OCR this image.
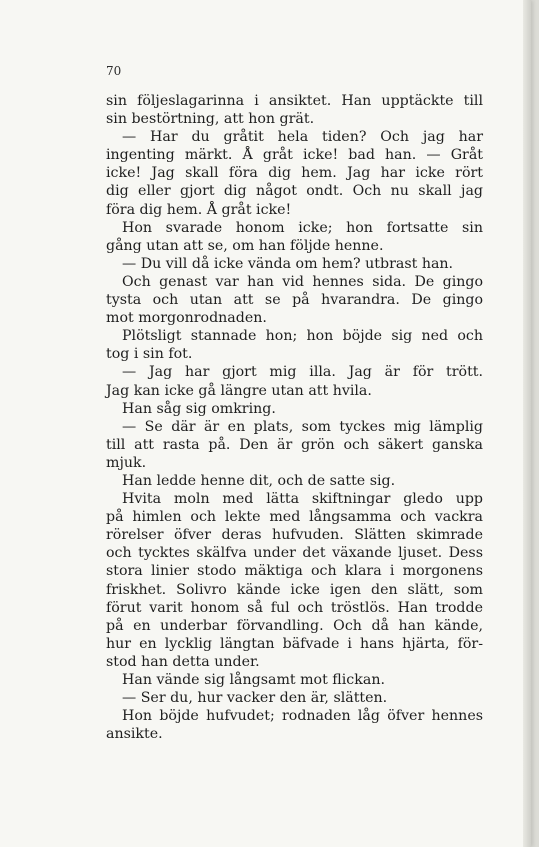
70
sin följeslagarinna i ansiktet. Han upptäckte till
sin bestörtning, att hon grät.
— Har du gråtit hela tiden? Och jag har
ingenting märkt. Å gråt icke! bad han. — Gråt
icke! Jag skall föra dig hem. Jag har icke rört
dig eller gjort dig något ondt. Och nu skall jag
föra dig hem. Å gråt icke!
Hon svarade honom icke; hon fortsatte sin
gång utan att se, om han följde henne.
— Du vill då icke vända om hem? utbrast han.
Och genast var han vid hennes sida. De gingo
tysta och utan att se på hvarandra. De gingo
mot morgonrodnaden.
Plötsligt stannade hon; hon böjde sig ned och
tog i sin fot.
— Jag har gjort mig illa. Jag är för trött.
Jag kan icke gå längre utan att hvila.
Han såg sig omkring.
— Se där är en plats, som tyckes mig lämplig
till att rasta på. Den är grön och säkert ganska
mjuk.
Han ledde henne dit, och de satte sig.
Hvita moln med lätta skiftningar gledo upp
på himlen och lekte med långsamma och vackra
rörelser öfver deras hufvuden. Slätten skimrade
och tycktes skälfva under det växande ljuset. Dess
stora linier stodo mäktiga och klara i morgonens
friskhet. Solivro kände icke igen den slätt, som
förut varit honom så ful och tröstlös. Han trodde
på en underbar förvandling. Och då han kände,
hur en lycklig längtan bäfvade i hans hjärta, för-
stod han detta under.
Han vände sig långsamt mot flickan.
— Ser du, hur vacker den är, slätten.
Hon böjde hufvudet; rodnaden låg öfver hennes
ansikte.
